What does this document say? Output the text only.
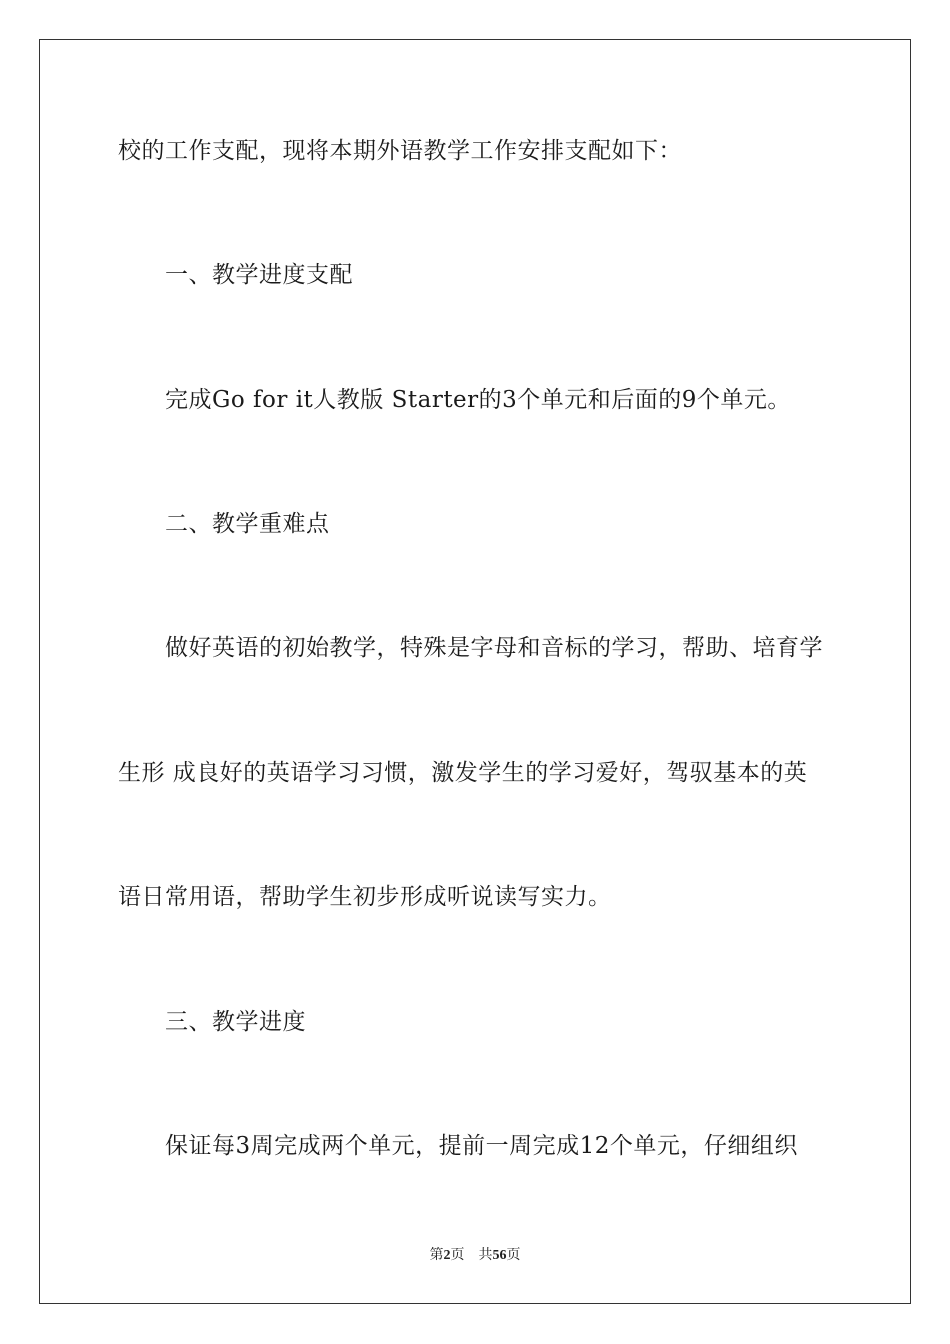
校的工作支配，现将本期外语教学工作安排支配如下：
一、教学进度支配
完成Go for it人教版 Starter的3个单元和后面的9个单元。
二、教学重难点
做好英语的初始教学，特殊是字母和音标的学习，帮助、培育学
生形 成良好的英语学习习惯，激发学生的学习爱好，驾驭基本的英
语日常用语，帮助学生初步形成听说读写实力。
三、教学进度
保证每3周完成两个单元，提前一周完成12个单元，仔细组织
第2页 共56页
